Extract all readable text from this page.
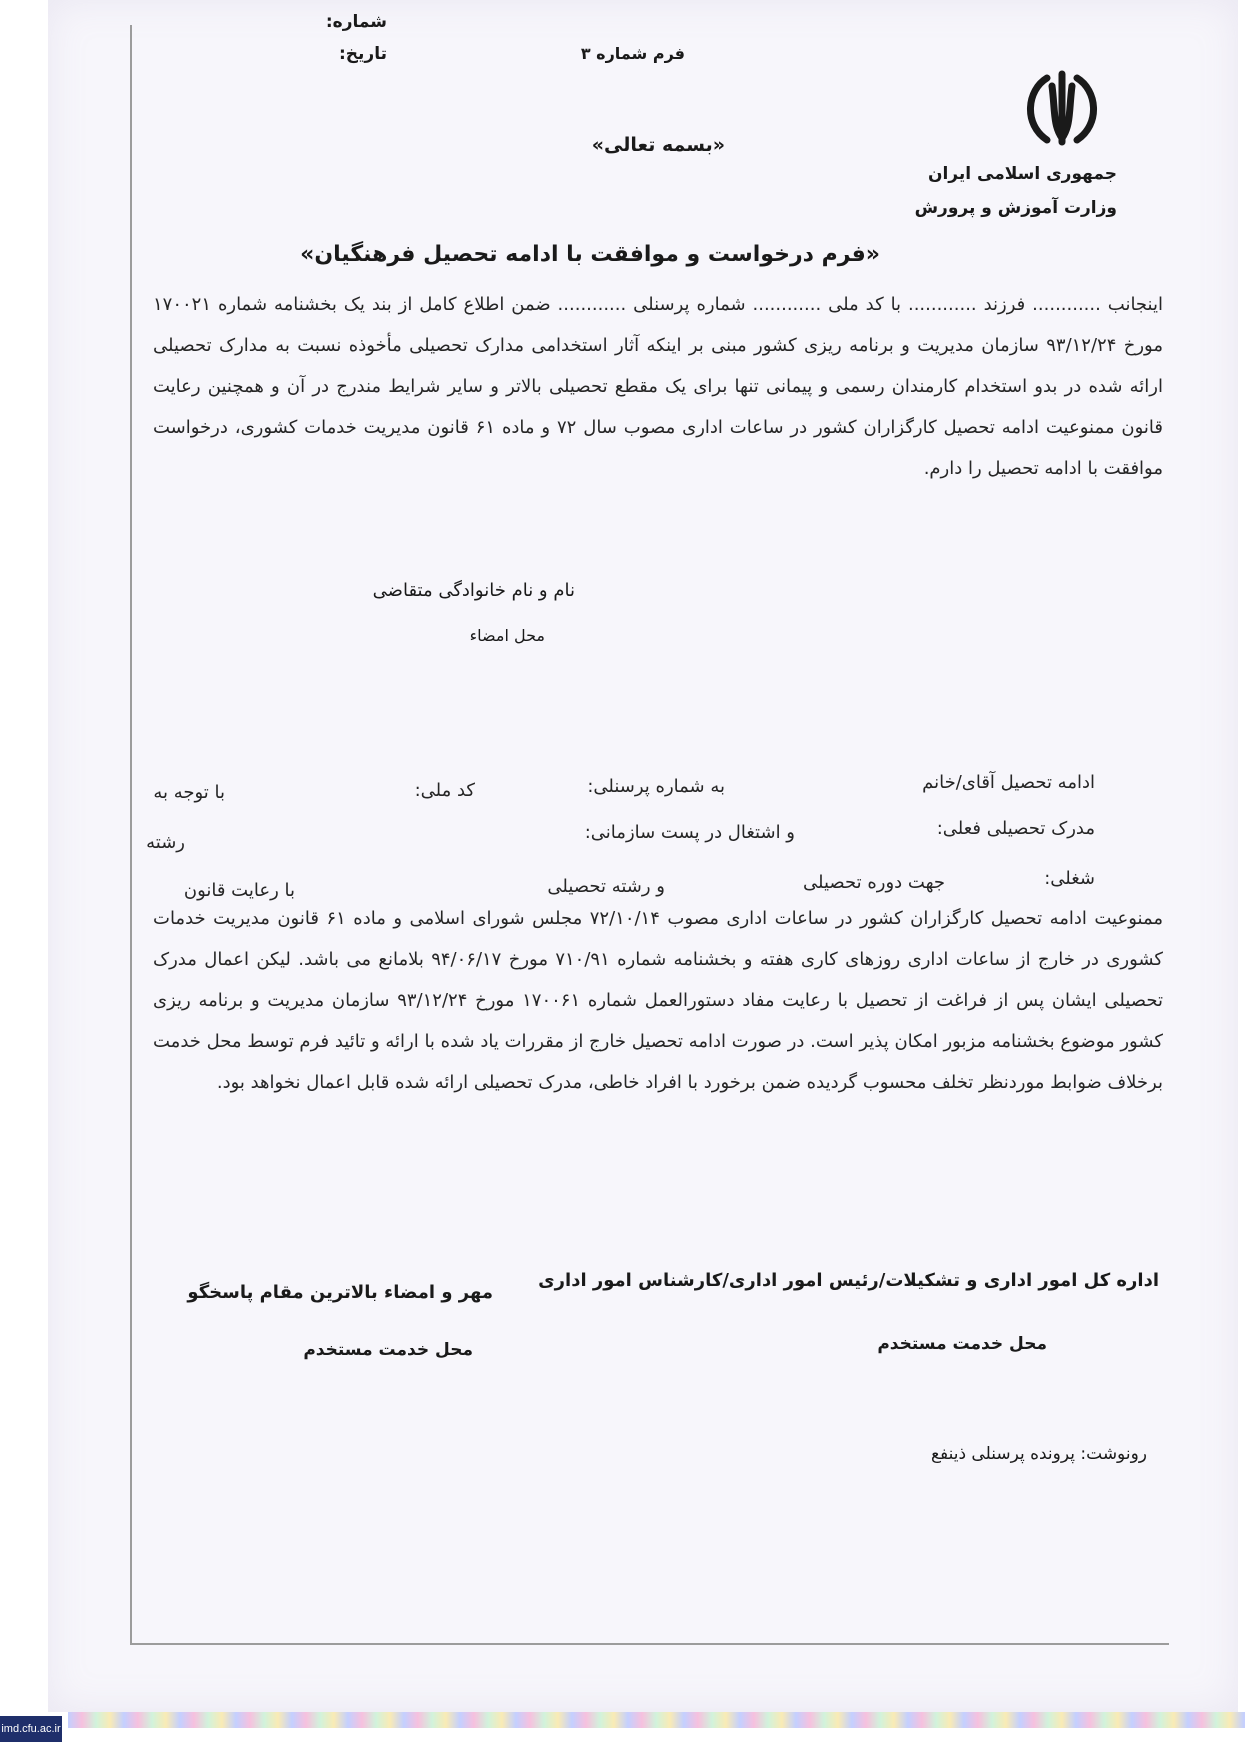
شماره:
تاریخ:	فرم شماره ۳
جمهوری اسلامی ایران
وزارت آموزش و پرورش
«بسمه تعالی»
«فرم درخواست و موافقت با ادامه تحصیل فرهنگیان»
اینجانب ............ فرزند ............ با کد ملی ............ شماره پرسنلی ............ ضمن اطلاع کامل از بند یک بخشنامه شماره ۱۷۰۰۲۱ مورخ ۹۳/۱۲/۲۴ سازمان مدیریت و برنامه ریزی کشور مبنی بر اینکه آثار استخدامی مدارک تحصیلی مأخوذه نسبت به مدارک تحصیلی ارائه شده در بدو استخدام کارمندان رسمی و پیمانی تنها برای یک مقطع تحصیلی بالاتر و سایر شرایط مندرج در آن و همچنین رعایت قانون ممنوعیت ادامه تحصیل کارگزاران کشور در ساعات اداری مصوب سال ۷۲ و ماده ۶۱ قانون مدیریت خدمات کشوری، درخواست موافقت با ادامه تحصیل را دارم.
نام و نام خانوادگی متقاضی
محل امضاء
ادامه تحصیل آقای/خانم
به شماره پرسنلی:
کد ملی:
با توجه به
مدرک تحصیلی فعلی:
و اشتغال در پست سازمانی:
رشته
شغلی:
جهت دوره تحصیلی
و رشته تحصیلی
با رعایت قانون
ممنوعیت ادامه تحصیل کارگزاران کشور در ساعات اداری مصوب ۷۲/۱۰/۱۴ مجلس شورای اسلامی و ماده ۶۱ قانون مدیریت خدمات کشوری در خارج از ساعات اداری روزهای کاری هفته و بخشنامه شماره ۷۱۰/۹۱ مورخ ۹۴/۰۶/۱۷ بلامانع می باشد. لیکن اعمال مدرک تحصیلی ایشان پس از فراغت از تحصیل با رعایت مفاد دستورالعمل شماره ۱۷۰۰۶۱ مورخ ۹۳/۱۲/۲۴ سازمان مدیریت و برنامه ریزی کشور موضوع بخشنامه مزبور امکان پذیر است. در صورت ادامه تحصیل خارج از مقررات یاد شده با ارائه و تائید فرم توسط محل خدمت برخلاف ضوابط موردنظر تخلف محسوب گردیده ضمن برخورد با افراد خاطی، مدرک تحصیلی ارائه شده قابل اعمال نخواهد بود.
اداره کل امور اداری و تشکیلات/رئیس امور اداری/کارشناس امور اداری
محل خدمت مستخدم
مهر و امضاء بالاترین مقام پاسخگو
محل خدمت مستخدم
رونوشت: پرونده پرسنلی ذینفع
imd.cfu.ac.ir
